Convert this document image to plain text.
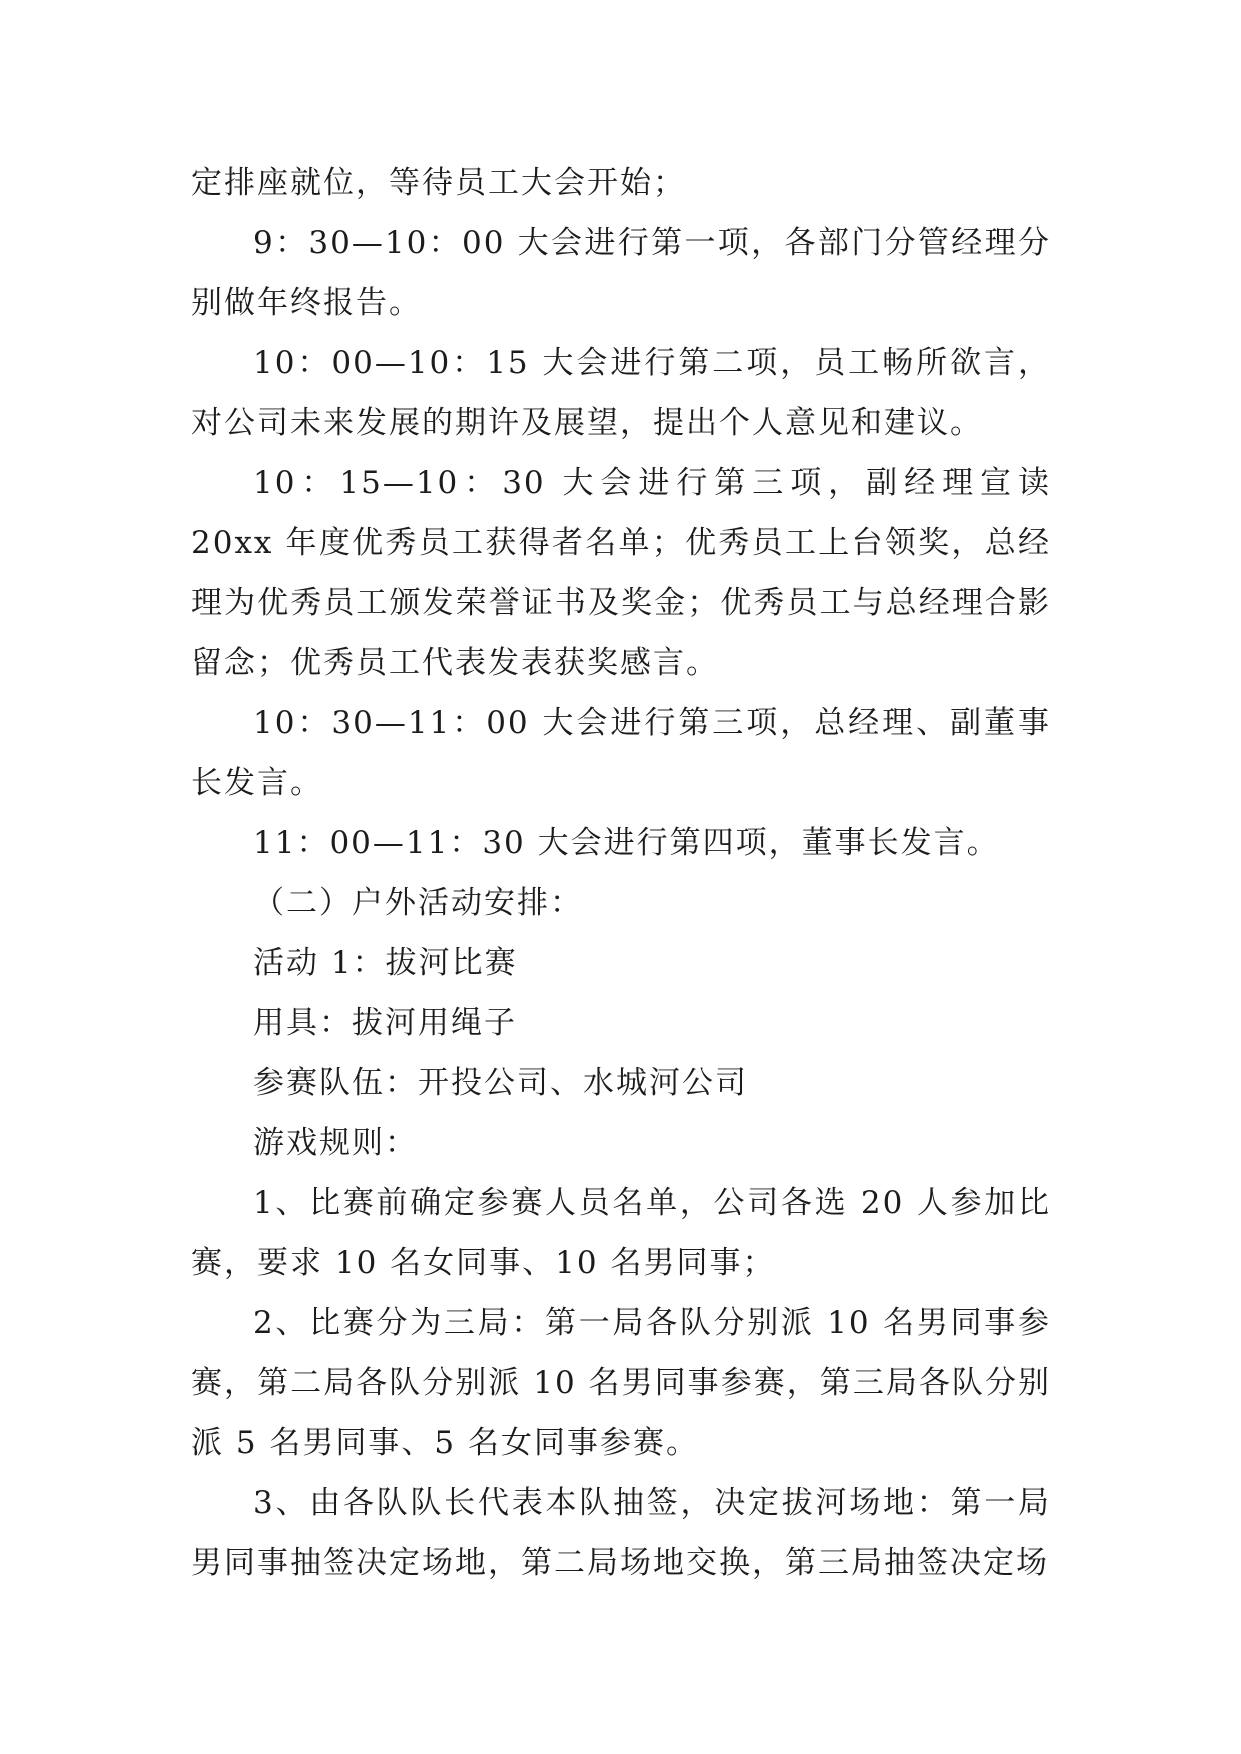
定排座就位，等待员工大会开始；

9：30—10：00 大会进行第一项，各部门分管经理分别做年终报告。

10：00—10：15 大会进行第二项，员工畅所欲言，对公司未来发展的期许及展望，提出个人意见和建议。

10：15—10：30 大会进行第三项，副经理宣读 20xx 年度优秀员工获得者名单；优秀员工上台领奖，总经理为优秀员工颁发荣誉证书及奖金；优秀员工与总经理合影留念；优秀员工代表发表获奖感言。

10：30—11：00 大会进行第三项，总经理、副董事长发言。

11：00—11：30 大会进行第四项，董事长发言。

（二）户外活动安排：

活动 1：拔河比赛

用具：拔河用绳子

参赛队伍：开投公司、水城河公司

游戏规则：

1、比赛前确定参赛人员名单，公司各选 20 人参加比赛，要求 10 名女同事、10 名男同事；

2、比赛分为三局：第一局各队分别派 10 名男同事参赛，第二局各队分别派 10 名男同事参赛，第三局各队分别派 5 名男同事、5 名女同事参赛。

3、由各队队长代表本队抽签，决定拔河场地：第一局男同事抽签决定场地，第二局场地交换，第三局抽签决定场
